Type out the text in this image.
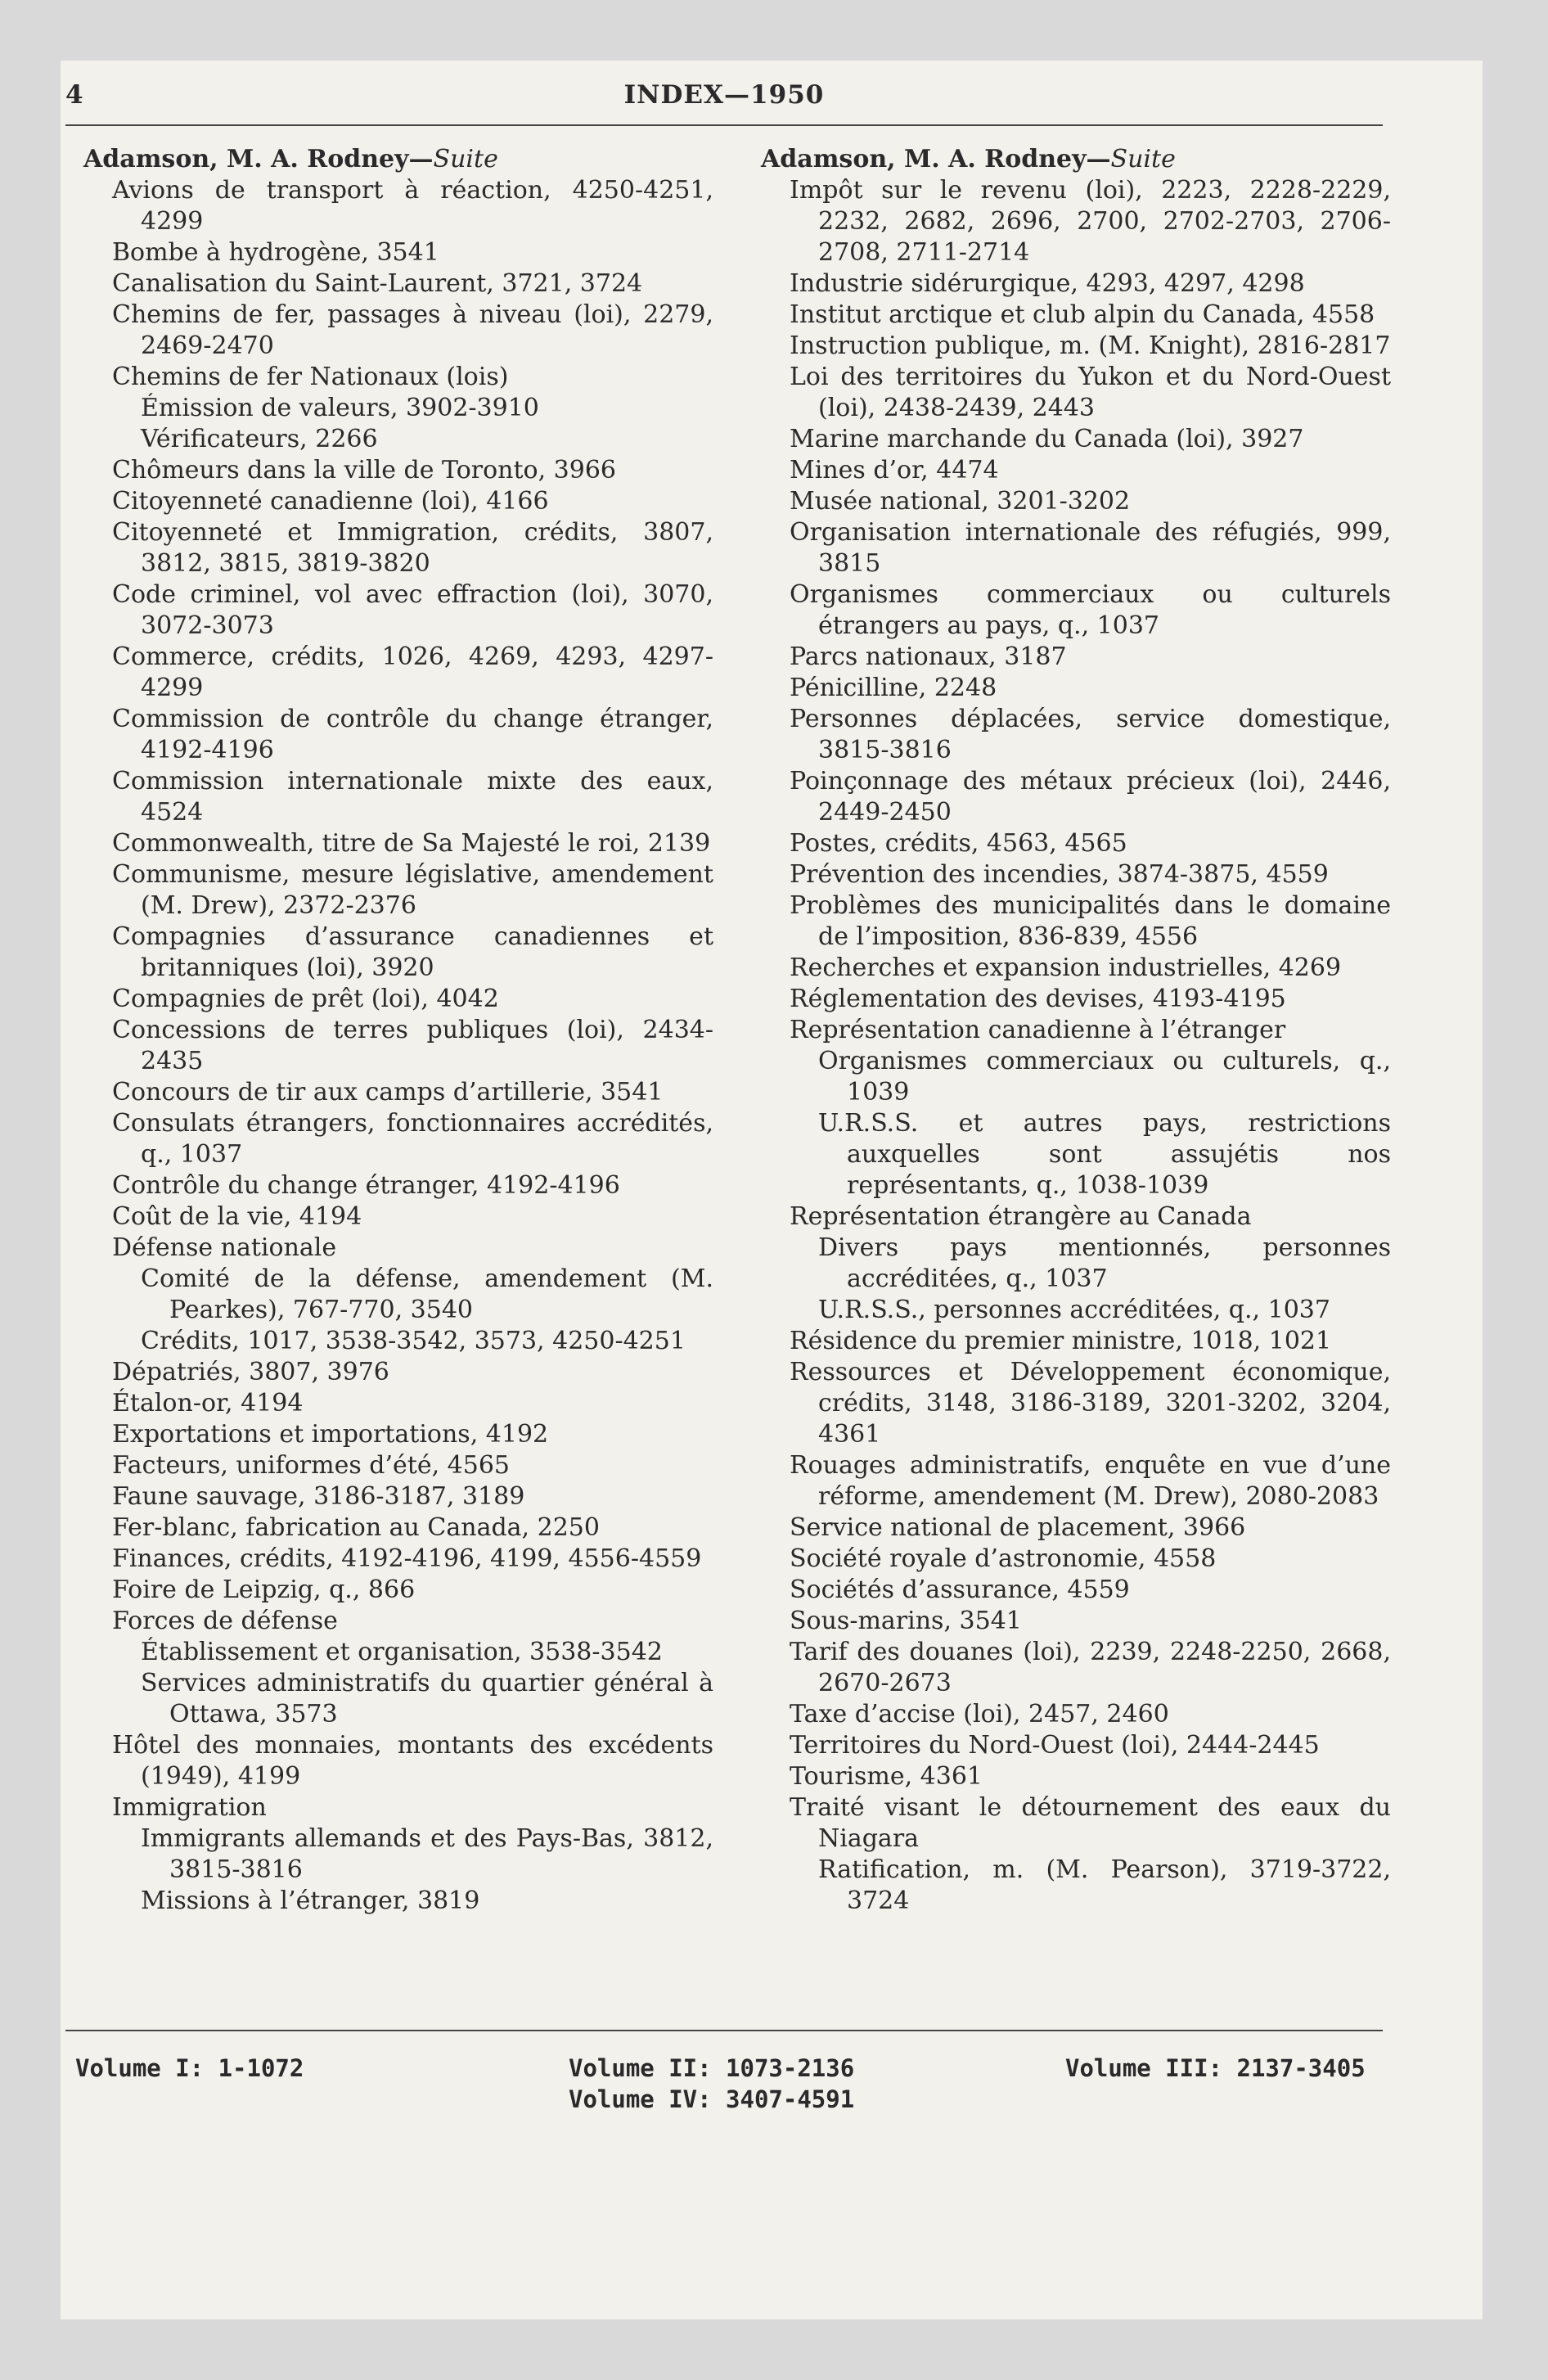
4	INDEX—1950
Adamson, M. A. Rodney—Suite
Avions de transport à réaction, 4250-4251, 4299
Bombe à hydrogène, 3541
Canalisation du Saint-Laurent, 3721, 3724
Chemins de fer, passages à niveau (loi), 2279, 2469-2470
Chemins de fer Nationaux (lois)
Émission de valeurs, 3902-3910
Vérificateurs, 2266
Chômeurs dans la ville de Toronto, 3966
Citoyenneté canadienne (loi), 4166
Citoyenneté et Immigration, crédits, 3807, 3812, 3815, 3819-3820
Code criminel, vol avec effraction (loi), 3070, 3072-3073
Commerce, crédits, 1026, 4269, 4293, 4297-4299
Commission de contrôle du change étranger, 4192-4196
Commission internationale mixte des eaux, 4524
Commonwealth, titre de Sa Majesté le roi, 2139
Communisme, mesure législative, amendement (M. Drew), 2372-2376
Compagnies d’assurance canadiennes et britanniques (loi), 3920
Compagnies de prêt (loi), 4042
Concessions de terres publiques (loi), 2434-2435
Concours de tir aux camps d’artillerie, 3541
Consulats étrangers, fonctionnaires accrédités, q., 1037
Contrôle du change étranger, 4192-4196
Coût de la vie, 4194
Défense nationale
Comité de la défense, amendement (M. Pearkes), 767-770, 3540
Crédits, 1017, 3538-3542, 3573, 4250-4251
Dépatriés, 3807, 3976
Étalon-or, 4194
Exportations et importations, 4192
Facteurs, uniformes d’été, 4565
Faune sauvage, 3186-3187, 3189
Fer-blanc, fabrication au Canada, 2250
Finances, crédits, 4192-4196, 4199, 4556-4559
Foire de Leipzig, q., 866
Forces de défense
Établissement et organisation, 3538-3542
Services administratifs du quartier général à Ottawa, 3573
Hôtel des monnaies, montants des excédents (1949), 4199
Immigration
Immigrants allemands et des Pays-Bas, 3812, 3815-3816
Missions à l’étranger, 3819
Adamson, M. A. Rodney—Suite
Impôt sur le revenu (loi), 2223, 2228-2229, 2232, 2682, 2696, 2700, 2702-2703, 2706-2708, 2711-2714
Industrie sidérurgique, 4293, 4297, 4298
Institut arctique et club alpin du Canada, 4558
Instruction publique, m. (M. Knight), 2816-2817
Loi des territoires du Yukon et du Nord-Ouest (loi), 2438-2439, 2443
Marine marchande du Canada (loi), 3927
Mines d’or, 4474
Musée national, 3201-3202
Organisation internationale des réfugiés, 999, 3815
Organismes commerciaux ou culturels étrangers au pays, q., 1037
Parcs nationaux, 3187
Pénicilline, 2248
Personnes déplacées, service domestique, 3815-3816
Poinçonnage des métaux précieux (loi), 2446, 2449-2450
Postes, crédits, 4563, 4565
Prévention des incendies, 3874-3875, 4559
Problèmes des municipalités dans le domaine de l’imposition, 836-839, 4556
Recherches et expansion industrielles, 4269
Réglementation des devises, 4193-4195
Représentation canadienne à l’étranger
Organismes commerciaux ou culturels, q., 1039
U.R.S.S. et autres pays, restrictions auxquelles sont assujétis nos représentants, q., 1038-1039
Représentation étrangère au Canada
Divers pays mentionnés, personnes accréditées, q., 1037
U.R.S.S., personnes accréditées, q., 1037
Résidence du premier ministre, 1018, 1021
Ressources et Développement économique, crédits, 3148, 3186-3189, 3201-3202, 3204, 4361
Rouages administratifs, enquête en vue d’une réforme, amendement (M. Drew), 2080-2083
Service national de placement, 3966
Société royale d’astronomie, 4558
Sociétés d’assurance, 4559
Sous-marins, 3541
Tarif des douanes (loi), 2239, 2248-2250, 2668, 2670-2673
Taxe d’accise (loi), 2457, 2460
Territoires du Nord-Ouest (loi), 2444-2445
Tourisme, 4361
Traité visant le détournement des eaux du Niagara
Ratification, m. (M. Pearson), 3719-3722, 3724
Volume I: 1-1072	Volume II: 1073-2136
Volume IV: 3407-4591
Volume III: 2137-3405
